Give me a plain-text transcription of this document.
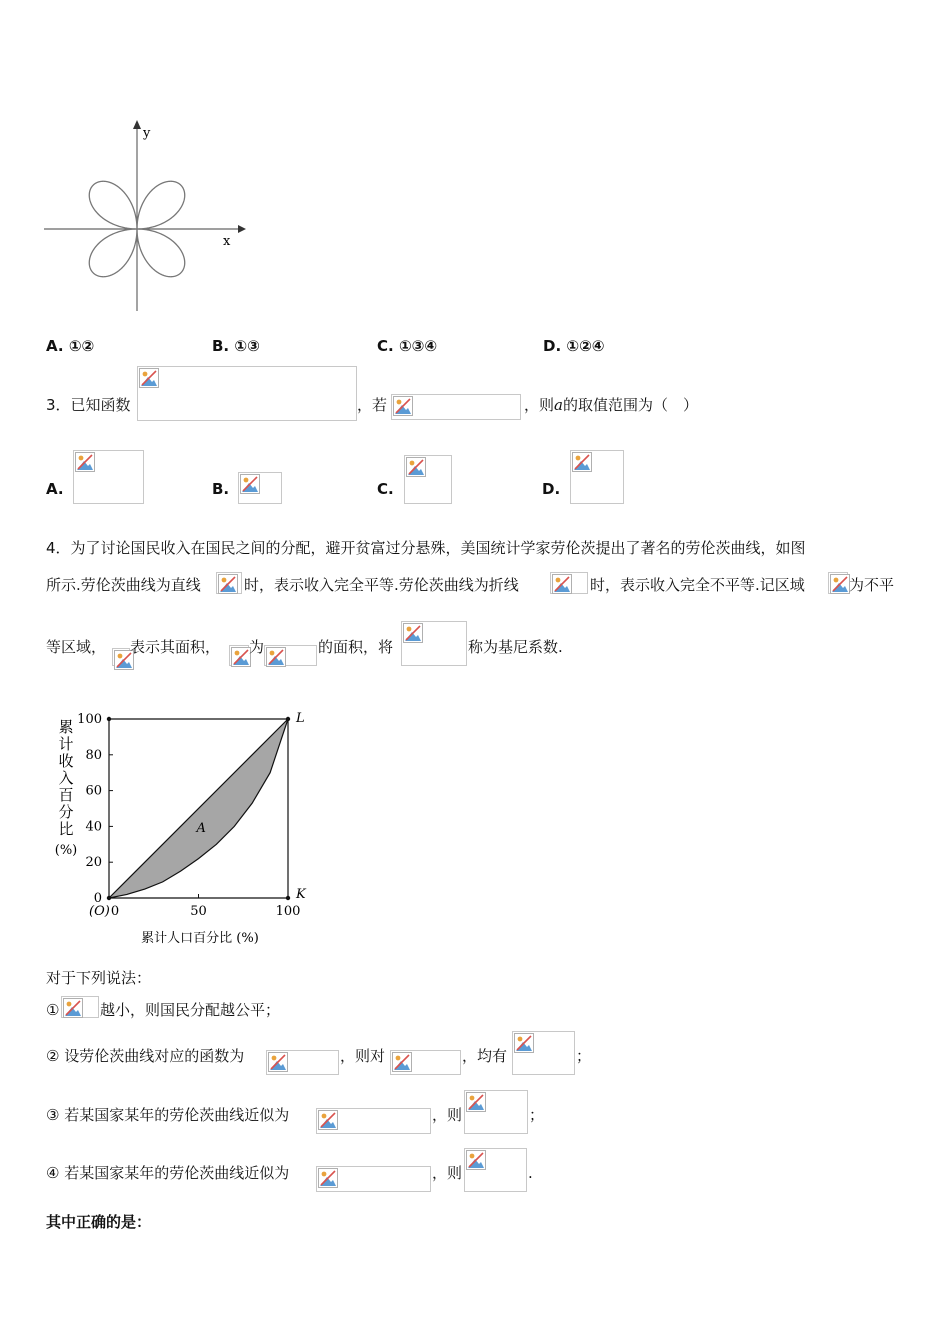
x
y
A. ①②	B. ①③	C. ①③④	D. ①②④
3．已知函数	，若	，则a的取值范围为（　）
A.	B.	C.	D.
4．为了讨论国民收入在国民之间的分配，避开贫富过分悬殊，美国统计学家劳伦茨提出了著名的劳伦茨曲线，如图
所示.劳伦茨曲线为直线	时，表示收入完全平等.劳伦茨曲线为折线	时，表示收入完全不平等.记区域	为不平
等区域， 表示其面积， 为	的面积，将	称为基尼系数.
累
计
收
入
百
分
比
(%)
100
80
60
40
20
0
0	50	100
(O)
A
L
K
累计人口百分比 (%)
对于下列说法：
①	越小，则国民分配越公平；
② 设劳伦茨曲线对应的函数为	，则对	，均有	；
③ 若某国家某年的劳伦茨曲线近似为	，则	；
④ 若某国家某年的劳伦茨曲线近似为	，则	.
其中正确的是：
